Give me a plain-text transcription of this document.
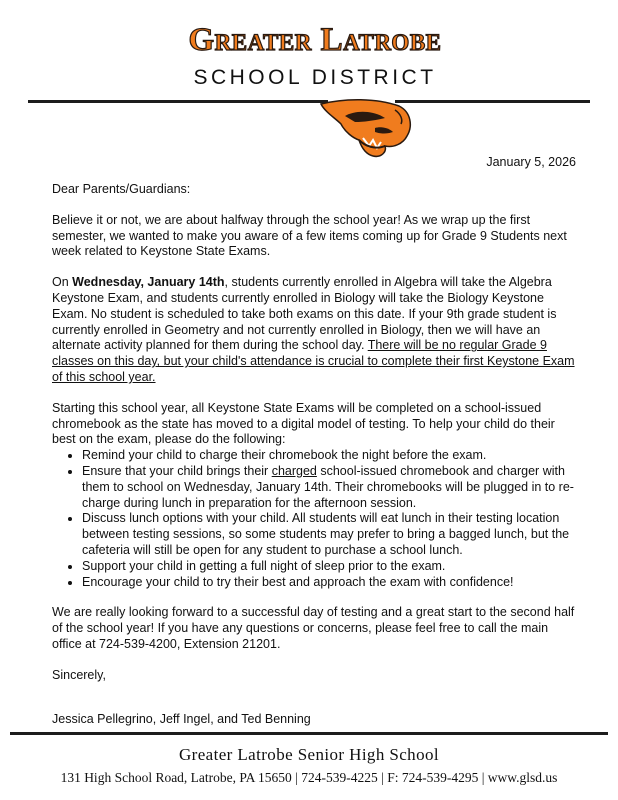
Greater Latrobe
SCHOOL DISTRICT
January 5, 2026

Dear Parents/Guardians:

Believe it or not, we are about halfway through the school year! As we wrap up the first semester, we wanted to make you aware of a few items coming up for Grade 9 Students next week related to Keystone State Exams.

On Wednesday, January 14th, students currently enrolled in Algebra will take the Algebra Keystone Exam, and students currently enrolled in Biology will take the Biology Keystone Exam. No student is scheduled to take both exams on this date. If your 9th grade student is currently enrolled in Geometry and not currently enrolled in Biology, then we will have an alternate activity planned for them during the school day. There will be no regular Grade 9 classes on this day, but your child's attendance is crucial to complete their first Keystone Exam of this school year.

Starting this school year, all Keystone State Exams will be completed on a school-issued chromebook as the state has moved to a digital model of testing. To help your child do their best on the exam, please do the following:

• Remind your child to charge their chromebook the night before the exam.
• Ensure that your child brings their charged school-issued chromebook and charger with them to school on Wednesday, January 14th. Their chromebooks will be plugged in to re-charge during lunch in preparation for the afternoon session.
• Discuss lunch options with your child. All students will eat lunch in their testing location between testing sessions, so some students may prefer to bring a bagged lunch, but the cafeteria will still be open for any student to purchase a school lunch.
• Support your child in getting a full night of sleep prior to the exam.
• Encourage your child to try their best and approach the exam with confidence!

We are really looking forward to a successful day of testing and a great start to the second half of the school year! If you have any questions or concerns, please feel free to call the main office at 724-539-4200, Extension 21201.

Sincerely,

Jessica Pellegrino, Jeff Ingel, and Ted Benning
Greater Latrobe Senior High School
131 High School Road, Latrobe, PA 15650 | 724-539-4225 | F: 724-539-4295 | www.glsd.us
